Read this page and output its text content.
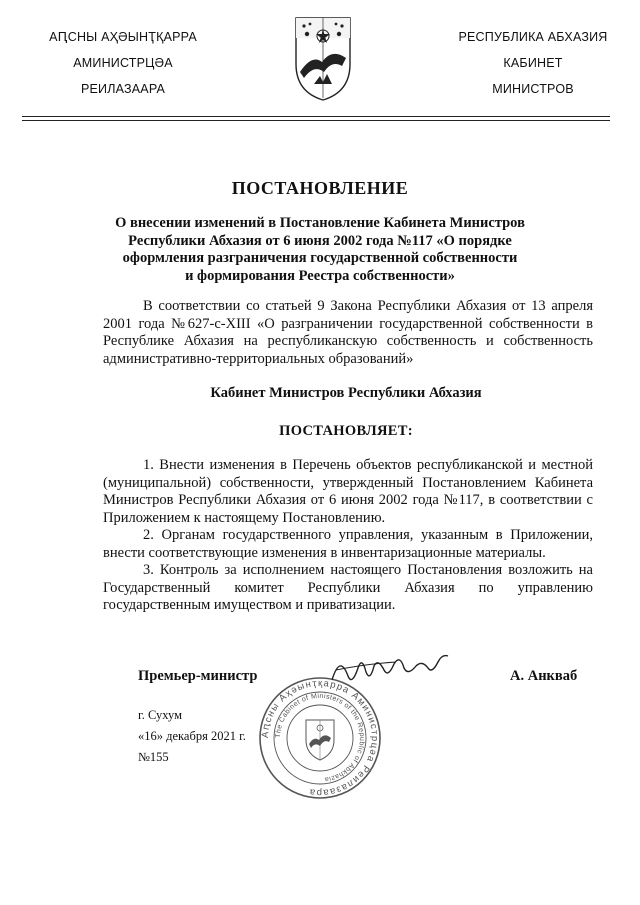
АԤСНЫ АҲӘЫНҬҚАРРА
АМИНИСТРЦӘА
РЕИЛАЗААРА
РЕСПУБЛИКА АБХАЗИЯ
КАБИНЕТ
МИНИСТРОВ
ПОСТАНОВЛЕНИЕ
О внесении изменений в Постановление Кабинета Министров
Республики Абхазия от 6 июня 2002 года №117 «О порядке
оформления разграничения государственной собственности
и формирования Реестра собственности»
В соответствии со статьей 9 Закона Республики Абхазия от 13 апреля 2001 года №627-с-XIII «О разграничении государственной собственности в Республике Абхазия на республиканскую собственность и собственность административно-территориальных образований»
Кабинет Министров Республики Абхазия
ПОСТАНОВЛЯЕТ:

1. Внести изменения в Перечень объектов республиканской и местной (муниципальной) собственности, утвержденный Постановлением Кабинета Министров Республики Абхазия от 6 июня 2002 года №117, в соответствии с Приложением к настоящему Постановлению.

2. Органам государственного управления, указанным в Приложении, внести соответствующие изменения в инвентаризационные материалы.

3. Контроль за исполнением настоящего Постановления возложить на Государственный комитет Республики Абхазия по управлению государственным имуществом и приватизации.

Аԥсны Аҳәынҭқарра Аминистрцәа Реилазаара
The Cabinet of Ministers of the Republic of Abkhazia
Премьер-министр	А. Анкваб
г. Сухум
«16» декабря 2021 г.
№155
